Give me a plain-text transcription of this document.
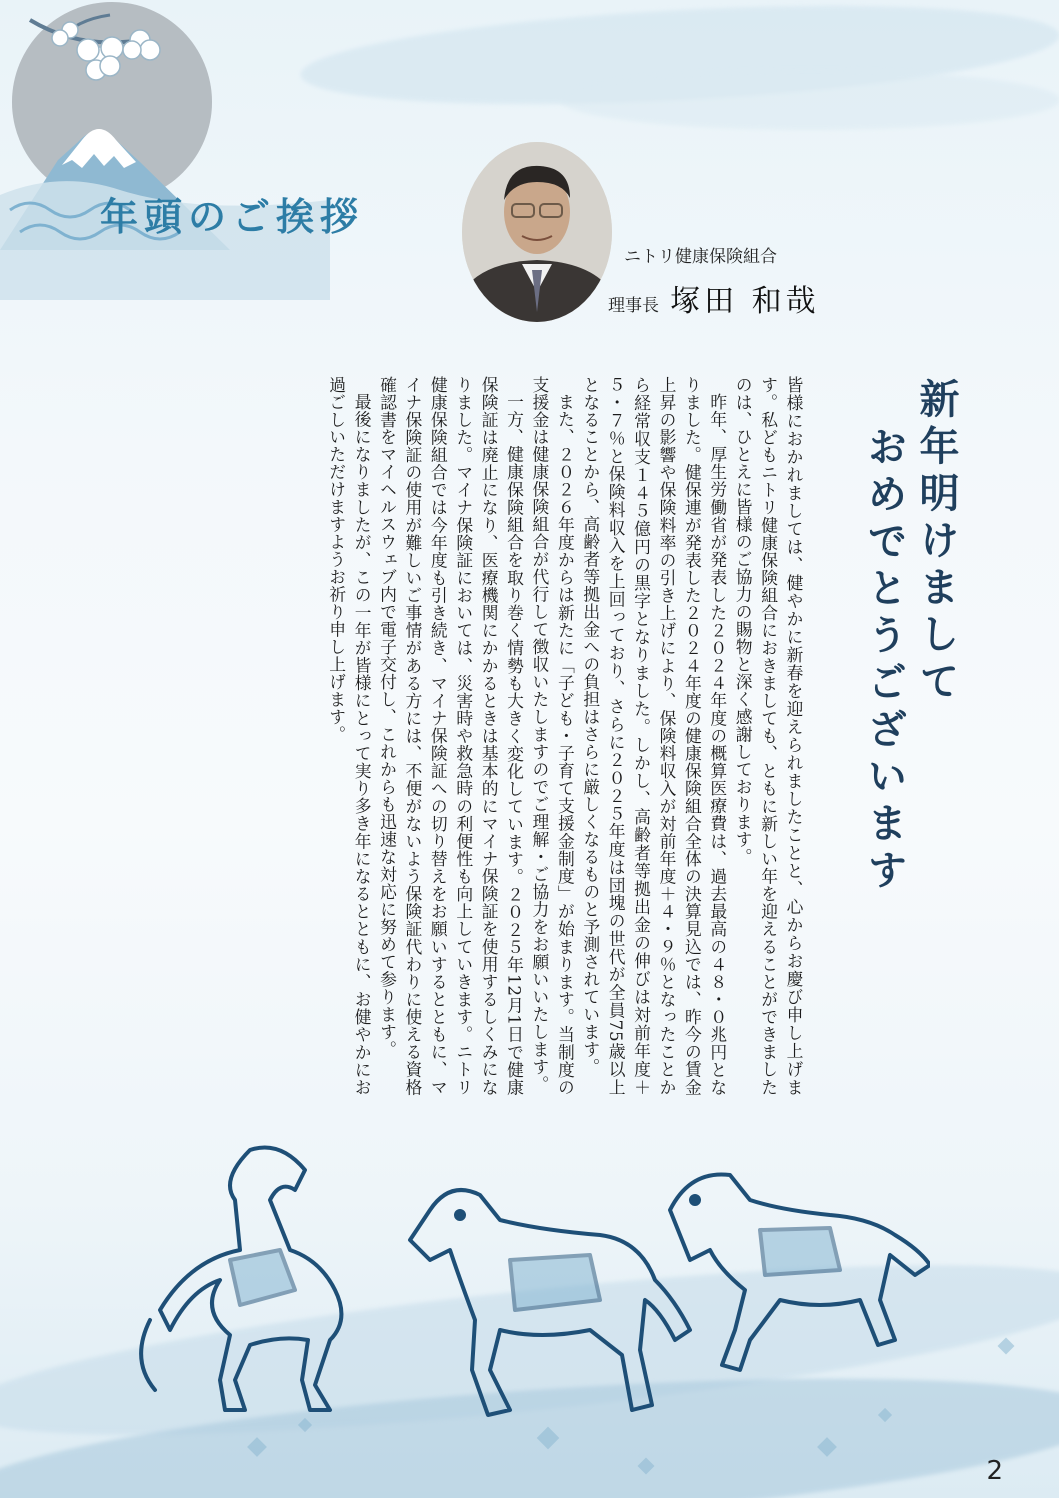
年頭のご挨拶
ニトリ健康保険組合
理事長 塚田 和哉
新年明けまして
おめでとうございます

皆様におかれましては、健やかに新春を迎えられましたことと、心からお慶び申し上げます。私どもニトリ健康保険組合におきましても、ともに新しい年を迎えることができましたのは、ひとえに皆様のご協力の賜物と深く感謝しております。

昨年、厚生労働省が発表した２０２４年度の概算医療費は、過去最高の４８・０兆円となりました。健保連が発表した２０２４年度の健康保険組合全体の決算見込では、昨今の賃金上昇の影響や保険料率の引き上げにより、保険料収入が対前年度＋４・９％となったことから経常収支１４５億円の黒字となりました。しかし、高齢者等拠出金の伸びは対前年度＋５・７％と保険料収入を上回っており、さらに２０２５年度は団塊の世代が全員75歳以上となることから、高齢者等拠出金への負担はさらに厳しくなるものと予測されています。

また、２０２６年度からは新たに「子ども・子育て支援金制度」が始まります。当制度の支援金は健康保険組合が代行して徴収いたしますのでご理解・ご協力をお願いいたします。

一方、健康保険組合を取り巻く情勢も大きく変化しています。２０２５年12月1日で健康保険証は廃止になり、医療機関にかかるときは基本的にマイナ保険証を使用するしくみになりました。マイナ保険証においては、災害時や救急時の利便性も向上していきます。ニトリ健康保険組合では今年度も引き続き、マイナ保険証への切り替えをお願いするとともに、マイナ保険証の使用が難しいご事情がある方には、不便がないよう保険証代わりに使える資格確認書をマイヘルスウェブ内で電子交付し、これからも迅速な対応に努めて参ります。

最後になりましたが、この一年が皆様にとって実り多き年になるとともに、お健やかにお過ごしいただけますようお祈り申し上げます。

2
